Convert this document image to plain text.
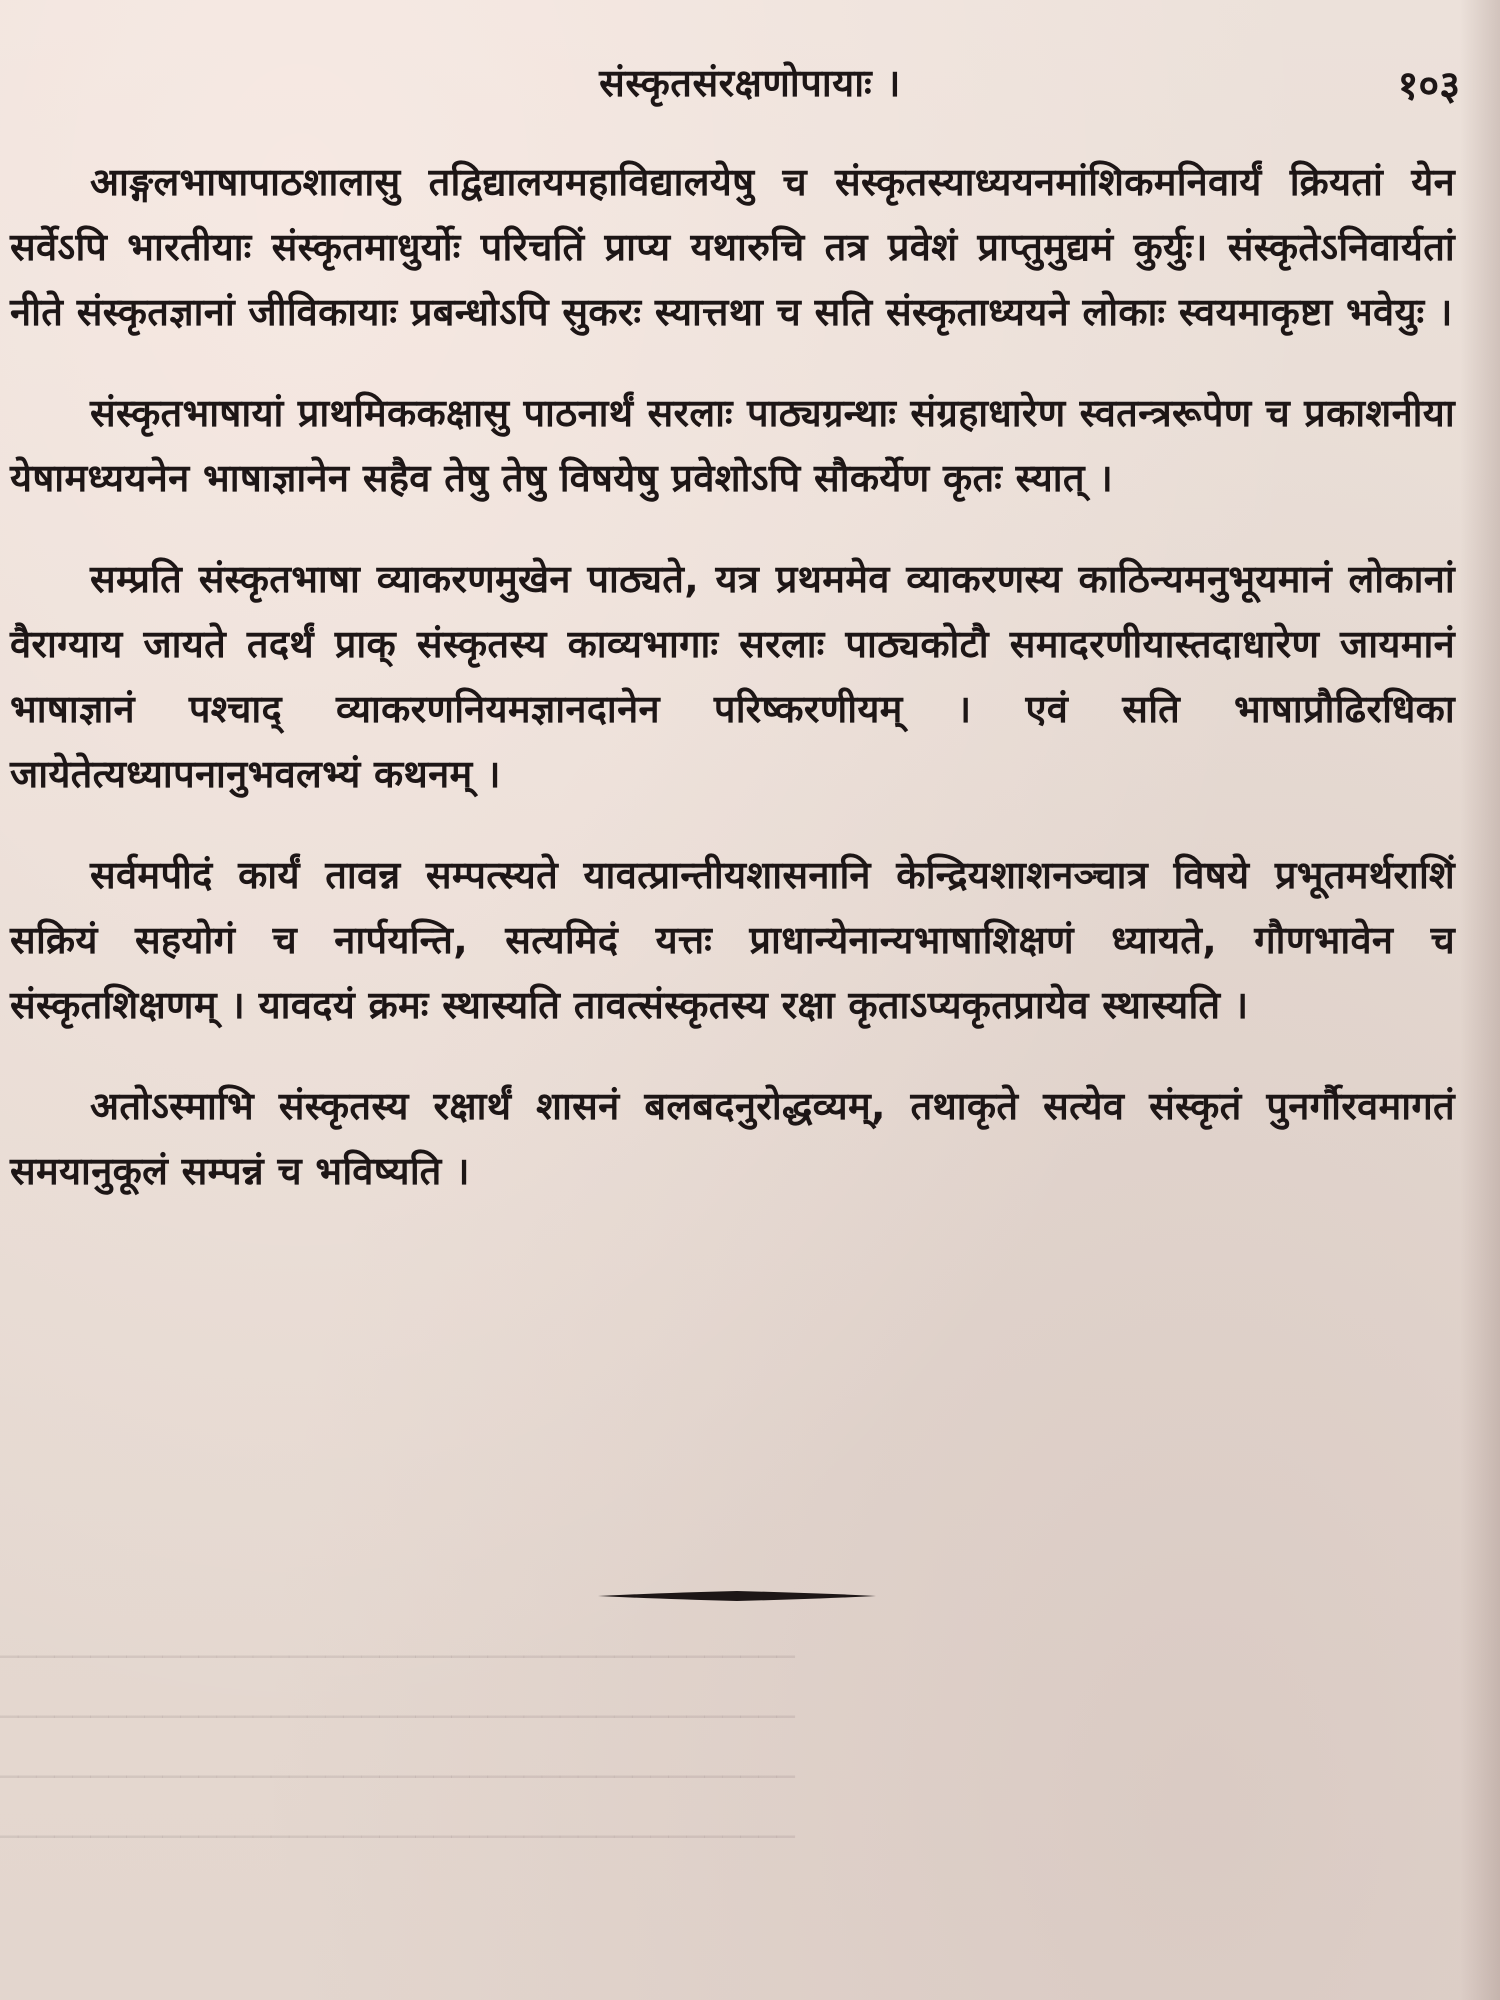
────────────────────────────────────────────
────────────────────────────────────────────
────────────────────────────────────────────
────────────────────────────────────────────
संस्कृतसंरक्षणोपायाः ।	१०३

आङ्गलभाषापाठशालासु तद्विद्यालयमहाविद्यालयेषु च संस्कृतस्याध्ययनमांशिकमनिवार्यं क्रियतां येन सर्वेऽपि भारतीयाः संस्कृतमाधुर्योः परिचतिं प्राप्य यथारुचि तत्र प्रवेशं प्राप्तुमुद्यमं कुर्युः। संस्कृतेऽनिवार्यतां नीते संस्कृतज्ञानां जीविकायाः प्रबन्धोऽपि सुकरः स्यात्तथा च सति संस्कृताध्ययने लोकाः स्वयमाकृष्टा भवेयुः ।

संस्कृतभाषायां प्राथमिककक्षासु पाठनार्थं सरलाः पाठ्यग्रन्थाः संग्रहाधारेण स्वतन्त्ररूपेण च प्रकाशनीया येषामध्ययनेन भाषाज्ञानेन सहैव तेषु तेषु विषयेषु प्रवेशोऽपि सौकर्येण कृतः स्यात् ।

सम्प्रति संस्कृतभाषा व्याकरणमुखेन पाठ्यते, यत्र प्रथममेव व्याकरणस्य काठिन्यमनुभूयमानं लोकानां वैराग्याय जायते तदर्थं प्राक् संस्कृतस्य काव्यभागाः सरलाः पाठ्यकोटौ समादरणीयास्तदाधारेण जायमानं भाषाज्ञानं पश्चाद् व्याकरणनियमज्ञानदानेन परिष्करणीयम् । एवं सति भाषाप्रौढिरधिका जायेतेत्यध्यापनानुभवलभ्यं कथनम् ।

सर्वमपीदं कार्यं तावन्न सम्पत्स्यते यावत्प्रान्तीयशासनानि केन्द्रियशाशनञ्चात्र विषये प्रभूतमर्थराशिं सक्रियं सहयोगं च नार्पयन्ति, सत्यमिदं यत्तः प्राधान्येनान्यभाषाशिक्षणं ध्यायते, गौणभावेन च संस्कृतशिक्षणम् । यावदयं क्रमः स्थास्यति तावत्संस्कृतस्य रक्षा कृताऽप्यकृतप्रायेव स्थास्यति ।

अतोऽस्माभि संस्कृतस्य रक्षार्थं शासनं बलबदनुरोद्धव्यम्, तथाकृते सत्येव संस्कृतं पुनर्गौरवमागतं समयानुकूलं सम्पन्नं च भविष्यति ।
